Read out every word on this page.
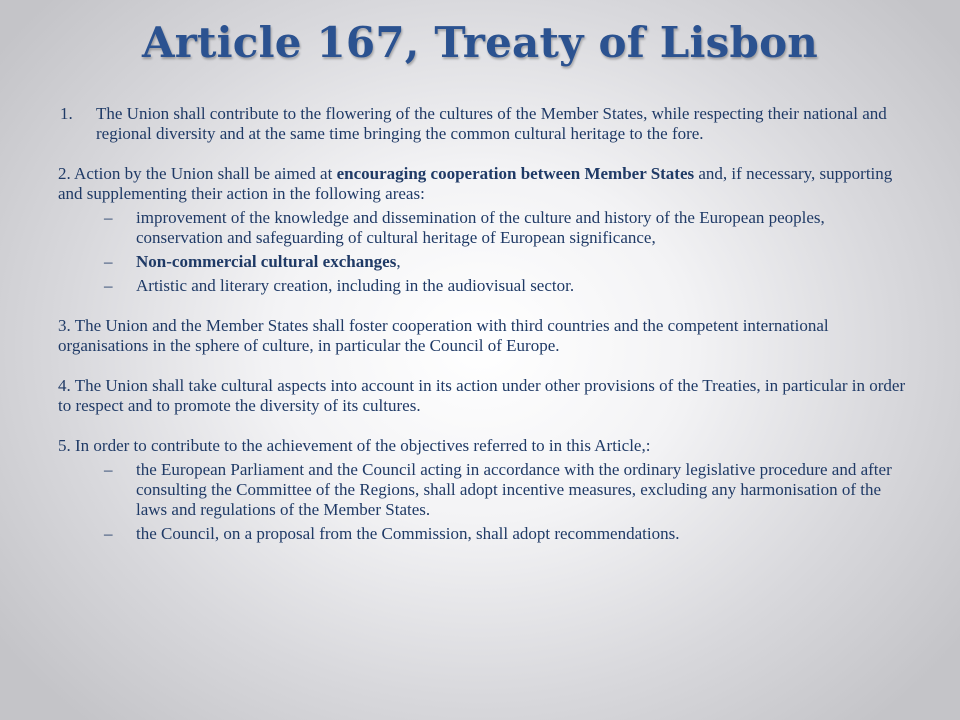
Article 167, Treaty of Lisbon
1. The Union shall contribute to the flowering of the cultures of the Member States, while respecting their national and regional diversity and at the same time bringing the common cultural heritage to the fore.
2. Action by the Union shall be aimed at encouraging cooperation between Member States and, if necessary, supporting and supplementing their action in the following areas:
– improvement of the knowledge and dissemination of the culture and history of the European peoples,
conservation and safeguarding of cultural heritage of European significance,
– Non-commercial cultural exchanges,
– Artistic and literary creation, including in the audiovisual sector.
3. The Union and the Member States shall foster cooperation with third countries and the competent international organisations in the sphere of culture, in particular the Council of Europe.
4. The Union shall take cultural aspects into account in its action under other provisions of the Treaties, in particular in order to respect and to promote the diversity of its cultures.
5. In order to contribute to the achievement of the objectives referred to in this Article,:
– the European Parliament and the Council acting in accordance with the ordinary legislative procedure and after consulting the Committee of the Regions, shall adopt incentive measures, excluding any harmonisation of the laws and regulations of the Member States.
– the Council, on a proposal from the Commission, shall adopt recommendations.
